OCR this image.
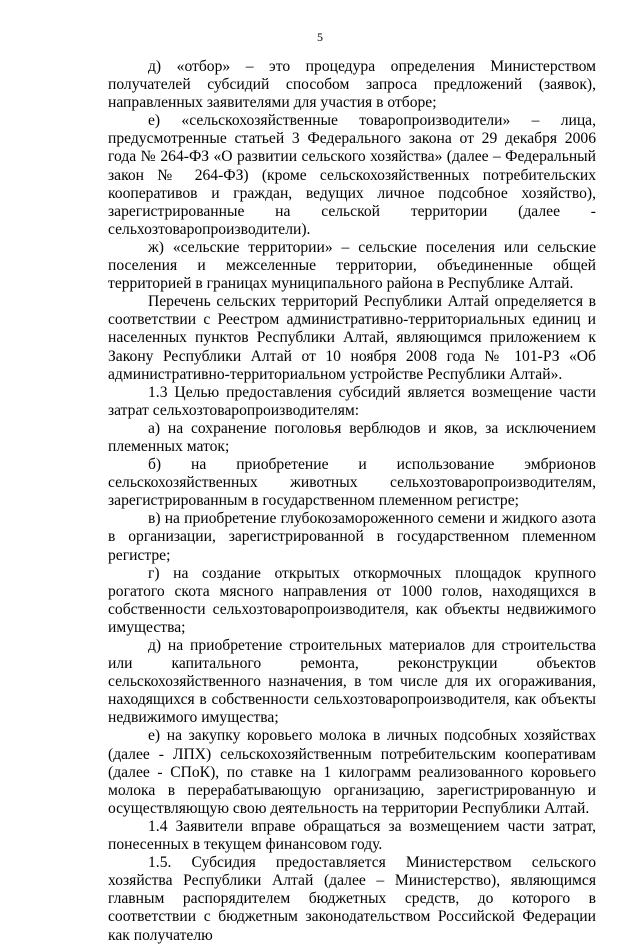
5

д) «отбор» – это процедура определения Министерством получателей субсидий способом запроса предложений (заявок), направленных заявителями для участия в отборе;

е) «сельскохозяйственные товаропроизводители» – лица, предусмотренные статьей 3 Федерального закона от 29 декабря 2006 года № 264-ФЗ «О развитии сельского хозяйства» (далее – Федеральный закон № 264-ФЗ) (кроме сельскохозяйственных потребительских кооперативов и граждан, ведущих личное подсобное хозяйство), зарегистрированные на сельской территории (далее - сельхозтоваропроизводители).

ж) «сельские территории» – сельские поселения или сельские поселения и межселенные территории, объединенные общей территорией в границах муниципального района в Республике Алтай.

Перечень сельских территорий Республики Алтай определяется в соответствии с Реестром административно-территориальных единиц и населенных пунктов Республики Алтай, являющимся приложением к Закону Республики Алтай от 10 ноября 2008 года № 101-РЗ «Об административно-территориальном устройстве Республики Алтай».

1.3 Целью предоставления субсидий является возмещение части затрат сельхозтоваропроизводителям:

а) на сохранение поголовья верблюдов и яков, за исключением племенных маток;

б) на приобретение и использование эмбрионов сельскохозяйственных животных сельхозтоваропроизводителям, зарегистрированным в государственном племенном регистре;

в) на приобретение глубокозамороженного семени и жидкого азота в организации, зарегистрированной в государственном племенном регистре;

г) на создание открытых откормочных площадок крупного рогатого скота мясного направления от 1000 голов, находящихся в собственности сельхозтоваропроизводителя, как объекты недвижимого имущества;

д) на приобретение строительных материалов для строительства или капитального ремонта, реконструкции объектов сельскохозяйственного назначения, в том числе для их огораживания, находящихся в собственности сельхозтоваропроизводителя, как объекты недвижимого имущества;

е) на закупку коровьего молока в личных подсобных хозяйствах (далее - ЛПХ) сельскохозяйственным потребительским кооперативам (далее - СПоК), по ставке на 1 килограмм реализованного коровьего молока в перерабатывающую организацию, зарегистрированную и осуществляющую свою деятельность на территории Республики Алтай.

1.4 Заявители вправе обращаться за возмещением части затрат, понесенных в текущем финансовом году.

1.5. Субсидия предоставляется Министерством сельского хозяйства Республики Алтай (далее – Министерство), являющимся главным распорядителем бюджетных средств, до которого в соответствии с бюджетным законодательством Российской Федерации как получателю
